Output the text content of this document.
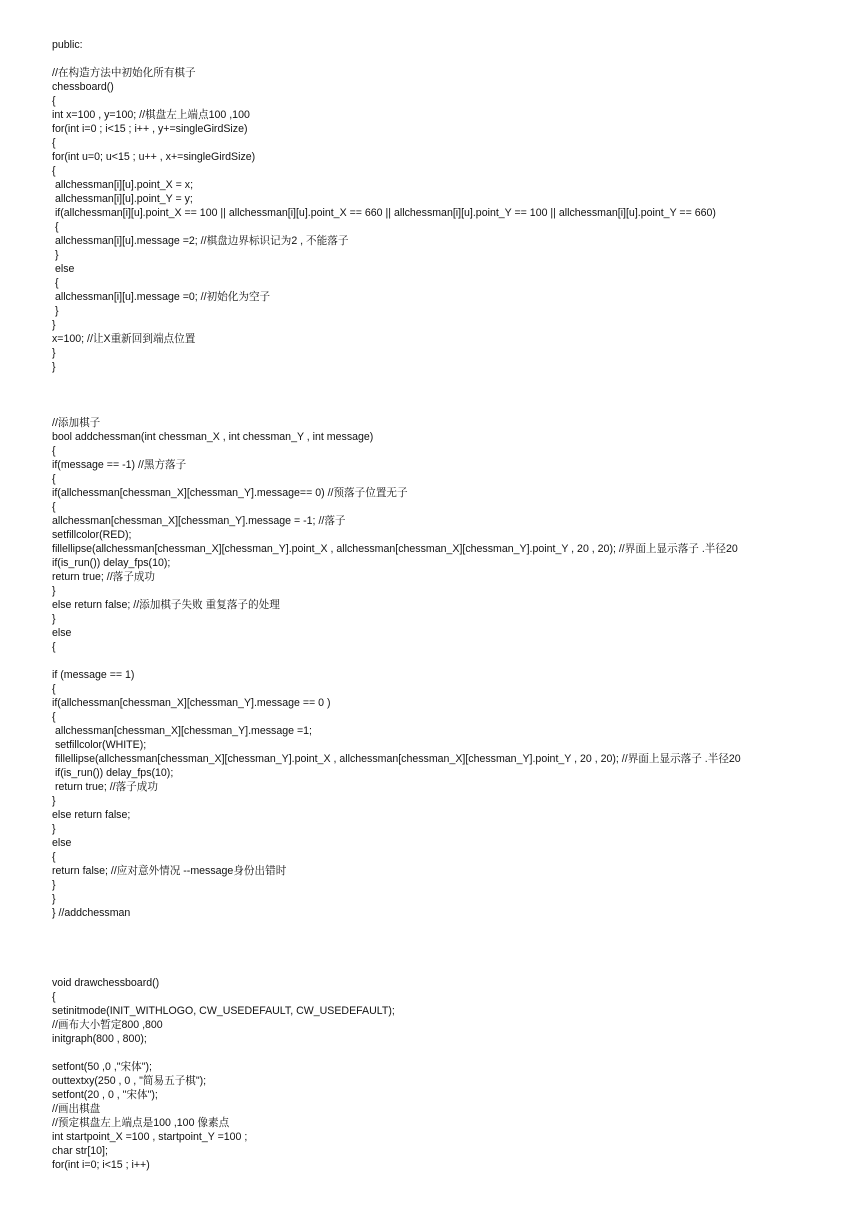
public:
//在构造方法中初始化所有棋子
chessboard()
{
int x=100 , y=100; //棋盘左上端点100 ,100
for(int i=0 ; i<15 ; i++ , y+=singleGirdSize)
{
for(int u=0; u<15 ; u++ , x+=singleGirdSize)
{
allchessman[i][u].point_X = x;
allchessman[i][u].point_Y = y;
if(allchessman[i][u].point_X == 100 || allchessman[i][u].point_X == 660 || allchessman[i][u].point_Y == 100 || allchessman[i][u].point_Y == 660)
{
allchessman[i][u].message =2; //棋盘边界标识记为2 , 不能落子
}
else
{
allchessman[i][u].message =0; //初始化为空子
}
}
x=100; //让X重新回到端点位置
}
}
//添加棋子
bool addchessman(int chessman_X , int chessman_Y , int message)
{
if(message == -1) //黑方落子
{
if(allchessman[chessman_X][chessman_Y].message== 0) //预落子位置无子
{
allchessman[chessman_X][chessman_Y].message = -1; //落子
setfillcolor(RED);
fillellipse(allchessman[chessman_X][chessman_Y].point_X , allchessman[chessman_X][chessman_Y].point_Y , 20 , 20); //界面上显示落子 .半径20
if(is_run()) delay_fps(10);
return true; //落子成功
}
else return false; //添加棋子失败 重复落子的处理
}
else
{
if (message == 1)
{
if(allchessman[chessman_X][chessman_Y].message == 0 )
{
allchessman[chessman_X][chessman_Y].message =1;
setfillcolor(WHITE);
fillellipse(allchessman[chessman_X][chessman_Y].point_X , allchessman[chessman_X][chessman_Y].point_Y , 20 , 20); //界面上显示落子 .半径20
if(is_run()) delay_fps(10);
return true; //落子成功
}
else return false;
}
else
{
return false; //应对意外情况 --message身份出错时
}
}
} //addchessman
void drawchessboard()
{
setinitmode(INIT_WITHLOGO, CW_USEDEFAULT, CW_USEDEFAULT);
//画布大小暂定800 ,800
initgraph(800 , 800);
setfont(50 ,0 ,"宋体");
outtextxy(250 , 0 , "简易五子棋");
setfont(20 , 0 , "宋体");
//画出棋盘
//预定棋盘左上端点是100 ,100 像素点
int startpoint_X =100 , startpoint_Y =100 ;
char str[10];
for(int i=0; i<15 ; i++)
